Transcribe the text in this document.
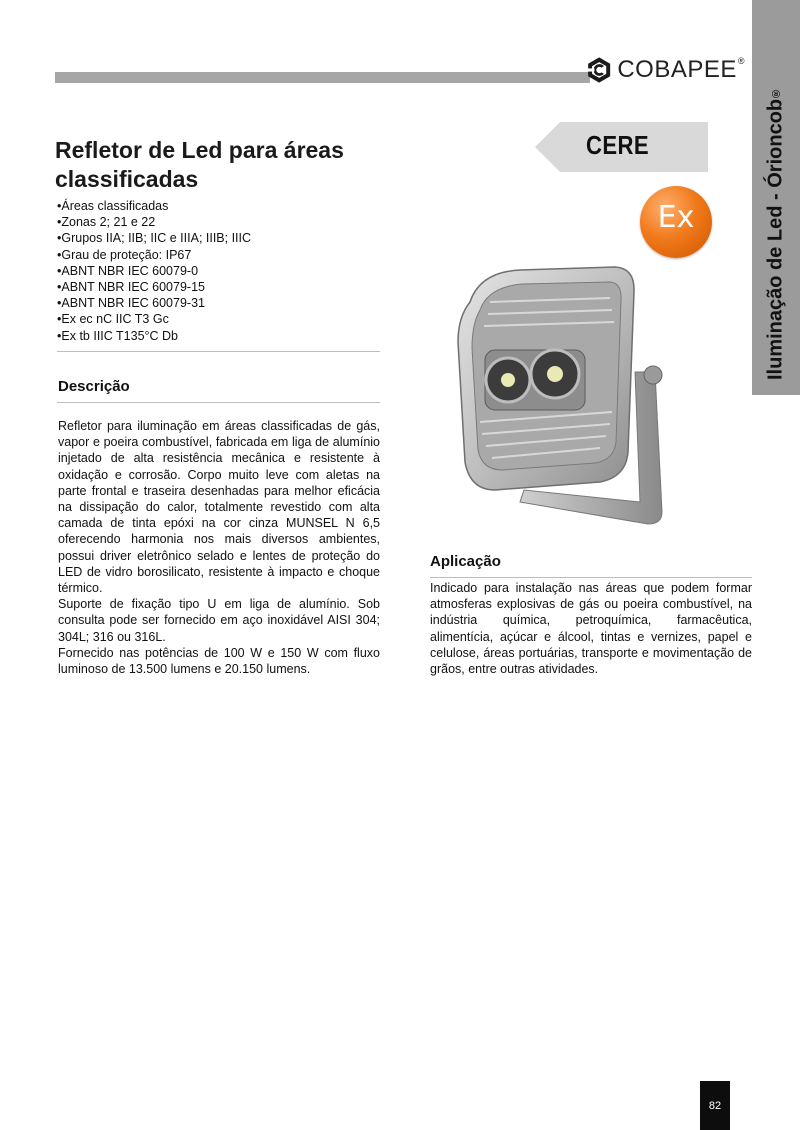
COBAPEE®
Iluminação de Led - Órioncob
®
Refletor de Led para áreas classificadas
• Áreas classificadas
• Zonas 2; 21 e 22
• Grupos IIA; IIB; IIC e IIIA; IIIB; IIIC
• Grau de proteção: IP67
• ABNT NBR IEC 60079-0
• ABNT NBR IEC 60079-15
• ABNT NBR IEC 60079-31
• Ex ec nC IIC T3 Gc
• Ex tb IIIC T135°C Db
Descrição

Refletor para iluminação em áreas classificadas de gás, vapor e poeira combustível, fabricada em liga de alumínio injetado de alta resistência mecânica e resistente à oxidação e corrosão. Corpo muito leve com aletas na parte frontal e traseira desenhadas para melhor eficácia na dissipação do calor, totalmente revestido com alta camada de tinta epóxi na cor cinza MUNSEL N 6,5 oferecendo harmonia nos mais diversos ambientes, possui driver eletrônico selado e lentes de proteção do LED de vidro borosilicato, resistente à impacto e choque térmico.

Suporte de fixação tipo U em liga de alumínio. Sob consulta pode ser fornecido em aço inoxidável AISI 304; 304L; 316 ou 316L.

Fornecido nas potências de 100 W e 150 W com fluxo luminoso de 13.500 lumens e 20.150 lumens.

CERE
Ex
Aplicação
Indicado para instalação nas áreas que podem formar atmosferas explosivas de gás ou poeira combustível, na indústria química, petroquímica, farmacêutica, alimentícia, açúcar e álcool, tintas e vernizes, papel e celulose, áreas portuárias, transporte e movimentação de grãos, entre outras atividades.
82
